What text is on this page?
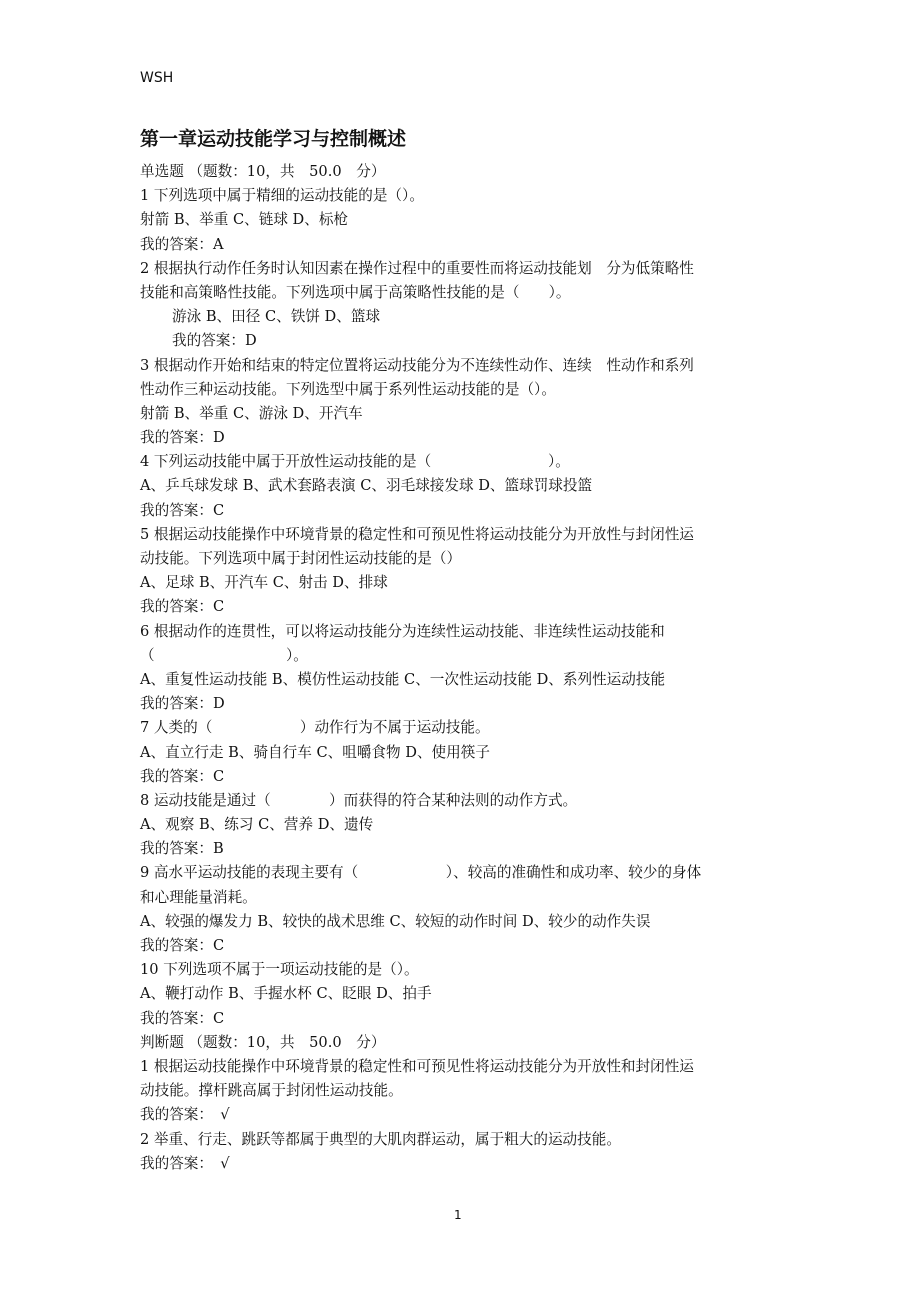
WSH
第一章运动技能学习与控制概述
单选题 （题数：10，共　50.0　分）
1 下列选项中属于精细的运动技能的是（）。
射箭 B、举重 C、链球 D、标枪
我的答案：A
2 根据执行动作任务时认知因素在操作过程中的重要性而将运动技能划　分为低策略性
技能和高策略性技能。下列选项中属于高策略性技能的是（　　）。
游泳 B、田径 C、铁饼 D、篮球
我的答案：D
3 根据动作开始和结束的特定位置将运动技能分为不连续性动作、连续　性动作和系列
性动作三种运动技能。下列选型中属于系列性运动技能的是（）。
射箭 B、举重 C、游泳 D、开汽车
我的答案：D
4 下列运动技能中属于开放性运动技能的是（　　　　　　　　）。
A、乒乓球发球 B、武术套路表演 C、羽毛球接发球 D、篮球罚球投篮
我的答案：C
5 根据运动技能操作中环境背景的稳定性和可预见性将运动技能分为开放性与封闭性运
动技能。下列选项中属于封闭性运动技能的是（）
A、足球 B、开汽车 C、射击 D、排球
我的答案：C
6 根据动作的连贯性，可以将运动技能分为连续性运动技能、非连续性运动技能和
（　　　　　　　　　）。
A、重复性运动技能 B、模仿性运动技能 C、一次性运动技能 D、系列性运动技能
我的答案：D
7 人类的（　　　　　　）动作行为不属于运动技能。
A、直立行走 B、骑自行车 C、咀嚼食物 D、使用筷子
我的答案：C
8 运动技能是通过（　　　　）而获得的符合某种法则的动作方式。
A、观察 B、练习 C、营养 D、遗传
我的答案：B
9 高水平运动技能的表现主要有（　　　　　　）、较高的准确性和成功率、较少的身体
和心理能量消耗。
A、较强的爆发力 B、较快的战术思维 C、较短的动作时间 D、较少的动作失误
我的答案：C
10 下列选项不属于一项运动技能的是（）。
A、鞭打动作 B、手握水杯 C、眨眼 D、拍手
我的答案：C
判断题 （题数：10，共　50.0　分）
1 根据运动技能操作中环境背景的稳定性和可预见性将运动技能分为开放性和封闭性运
动技能。撑杆跳高属于封闭性运动技能。
我的答案：　√
2 举重、行走、跳跃等都属于典型的大肌肉群运动，属于粗大的运动技能。
我的答案：　√
1
